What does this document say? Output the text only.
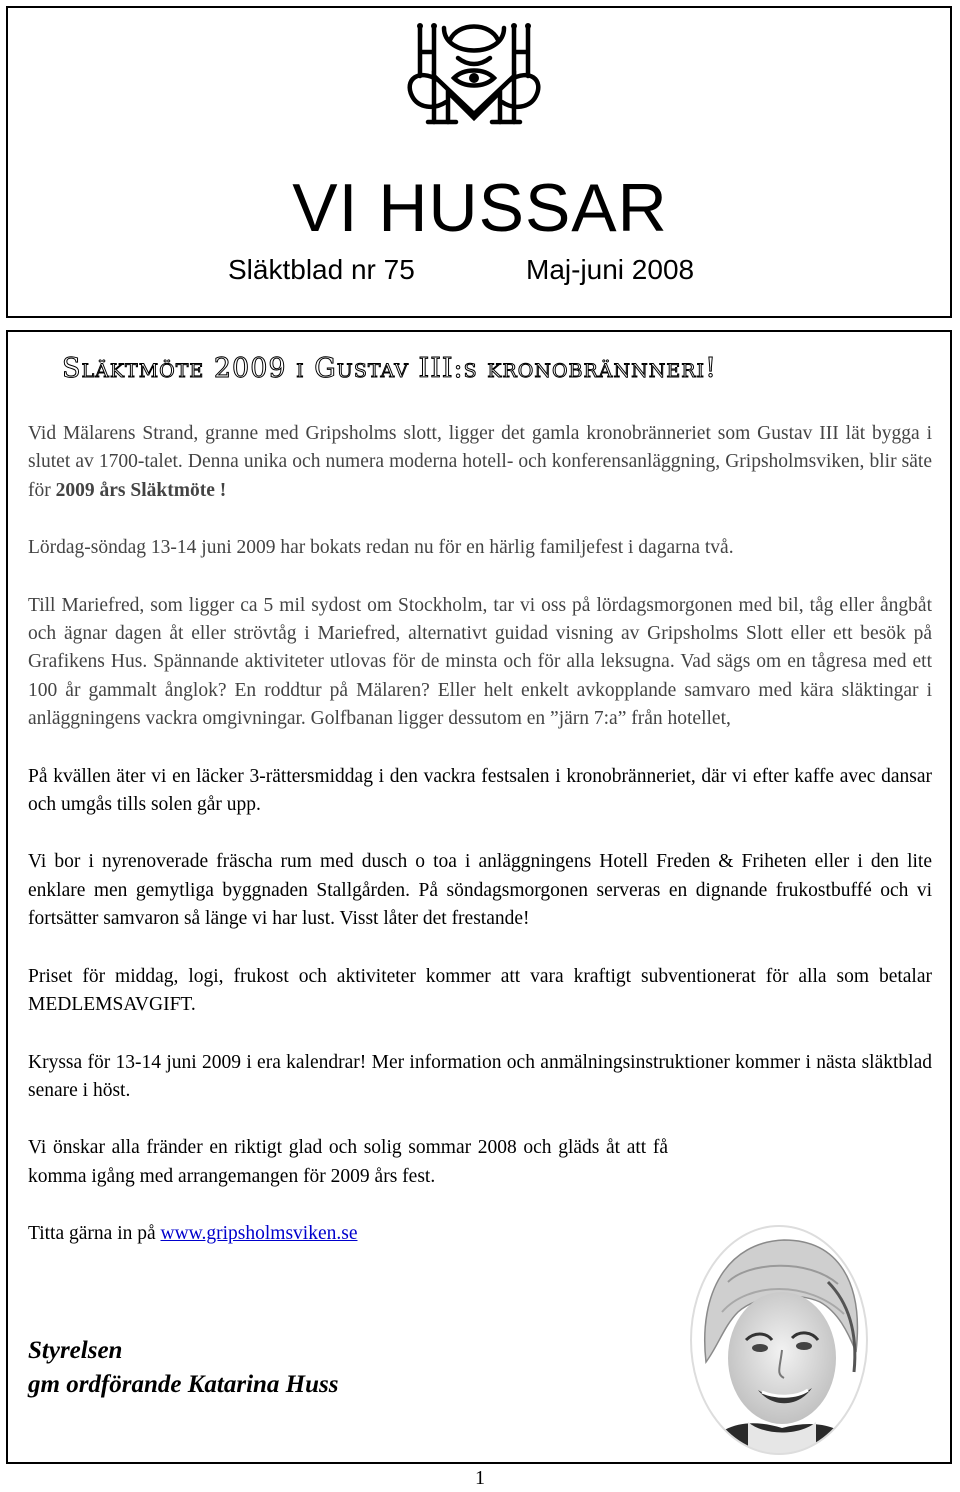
VI HUSSAR
Släktblad nr 75	Maj-juni 2008
Släktmöte 2009 i Gustav III:s kronobrännneri!

Vid Mälarens Strand, granne med Gripsholms slott, ligger det gamla kronobränneriet som Gustav III lät bygga i slutet av 1700-talet. Denna unika och numera moderna hotell- och konferensanläggning, Gripsholmsviken, blir säte för 2009 års Släktmöte !

Lördag-söndag 13-14 juni 2009 har bokats redan nu för en härlig familjefest i dagarna två.

Till Mariefred, som ligger ca 5 mil sydost om Stockholm, tar vi oss på lördagsmorgonen med bil, tåg eller ångbåt och ägnar dagen åt eller strövtåg i Mariefred, alternativt guidad visning av Gripsholms Slott eller ett besök på Grafikens Hus. Spännande aktiviteter utlovas för de minsta och för alla leksugna. Vad sägs om en tågresa med ett 100 år gammalt ånglok? En roddtur på Mälaren? Eller helt enkelt avkopplande samvaro med kära släktingar i anläggningens vackra omgivningar. Golfbanan ligger dessutom en ”järn 7:a” från hotellet,

På kvällen äter vi en läcker 3-rättersmiddag i den vackra festsalen i kronobränneriet, där vi efter kaffe avec dansar och umgås tills solen går upp.

Vi bor i nyrenoverade fräscha rum med dusch o toa i anläggningens Hotell Freden & Friheten eller i den lite enklare men gemytliga byggnaden Stallgården. På söndagsmorgonen serveras en dignande frukostbuffé och vi fortsätter samvaron så länge vi har lust. Visst låter det frestande!

Priset för middag, logi, frukost och aktiviteter kommer att vara kraftigt subventionerat för alla som betalar MEDLEMSAVGIFT.

Kryssa för 13-14 juni 2009 i era kalendrar! Mer information och anmälningsinstruktioner kommer i nästa släktblad senare i höst.

Vi önskar alla fränder en riktigt glad och solig sommar 2008 och gläds åt att få komma igång med arrangemangen för 2009 års fest.

Titta gärna in på www.gripsholmsviken.se

Styrelsen
gm ordförande Katarina Huss
1
